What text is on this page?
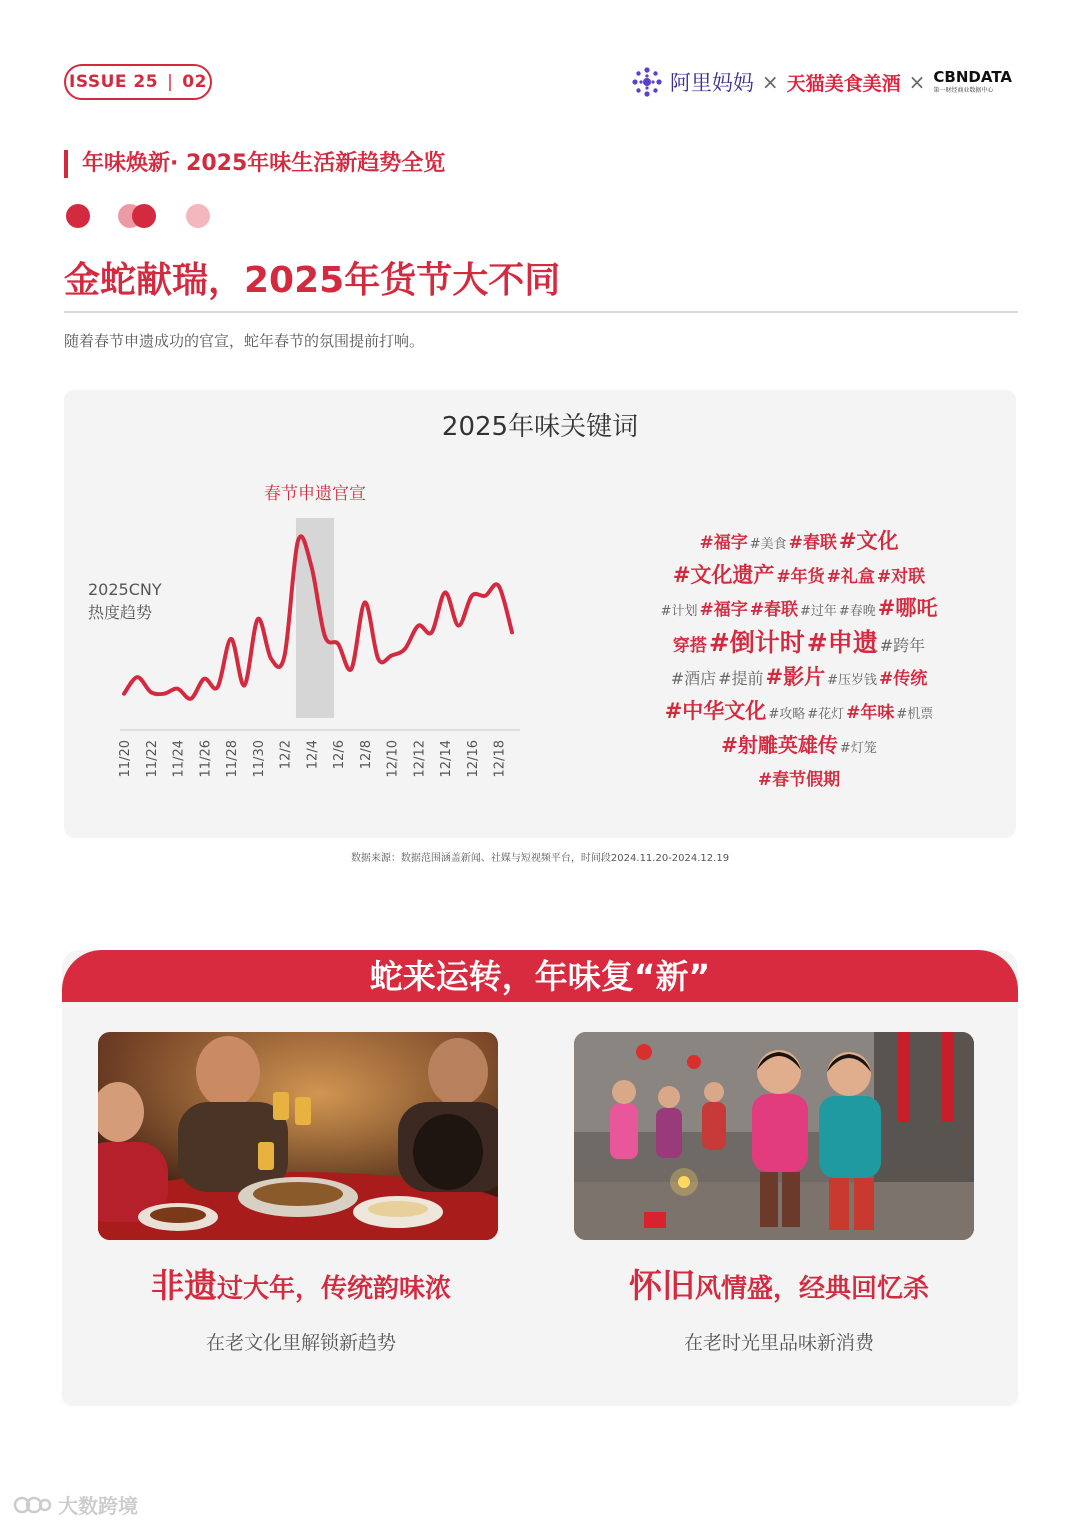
ISSUE 25 | 02	阿里妈妈 × 天猫美食美酒 × CBNDATA
第一财经商业数据中心
年味焕新· 2025年味生活新趋势全览
金蛇献瑞，2025年货节大不同

随着春节申遗成功的官宣，蛇年春节的氛围提前打响。

2025年味关键词
春节申遗官宣
2025CNY
热度趋势
11/20 11/22 11/24 11/26 11/28 11/30 12/2 12/4 12/6 12/8 12/10 12/12 12/14 12/16 12/18
#福字 #美食 #春联#文化
#文化遗产 #年货 #礼盒 #对联
#计划 #福字 #春联 #过年 #春晚#哪吒
穿搭#倒计时#申遗 #跨年
#酒店 #提前#影片 #压岁钱 #传统
#中华文化 #攻略 #花灯 #年味 #机票
#射雕英雄传 #灯笼
#春节假期
数据来源：数据范围涵盖新闻、社媒与短视频平台，时间段2024.11.20-2024.12.19
蛇来运转，年味复“新”
非遗过大年，传统韵味浓
在老文化里解锁新趋势
怀旧风情盛，经典回忆杀
在老时光里品味新消费
大数跨境
